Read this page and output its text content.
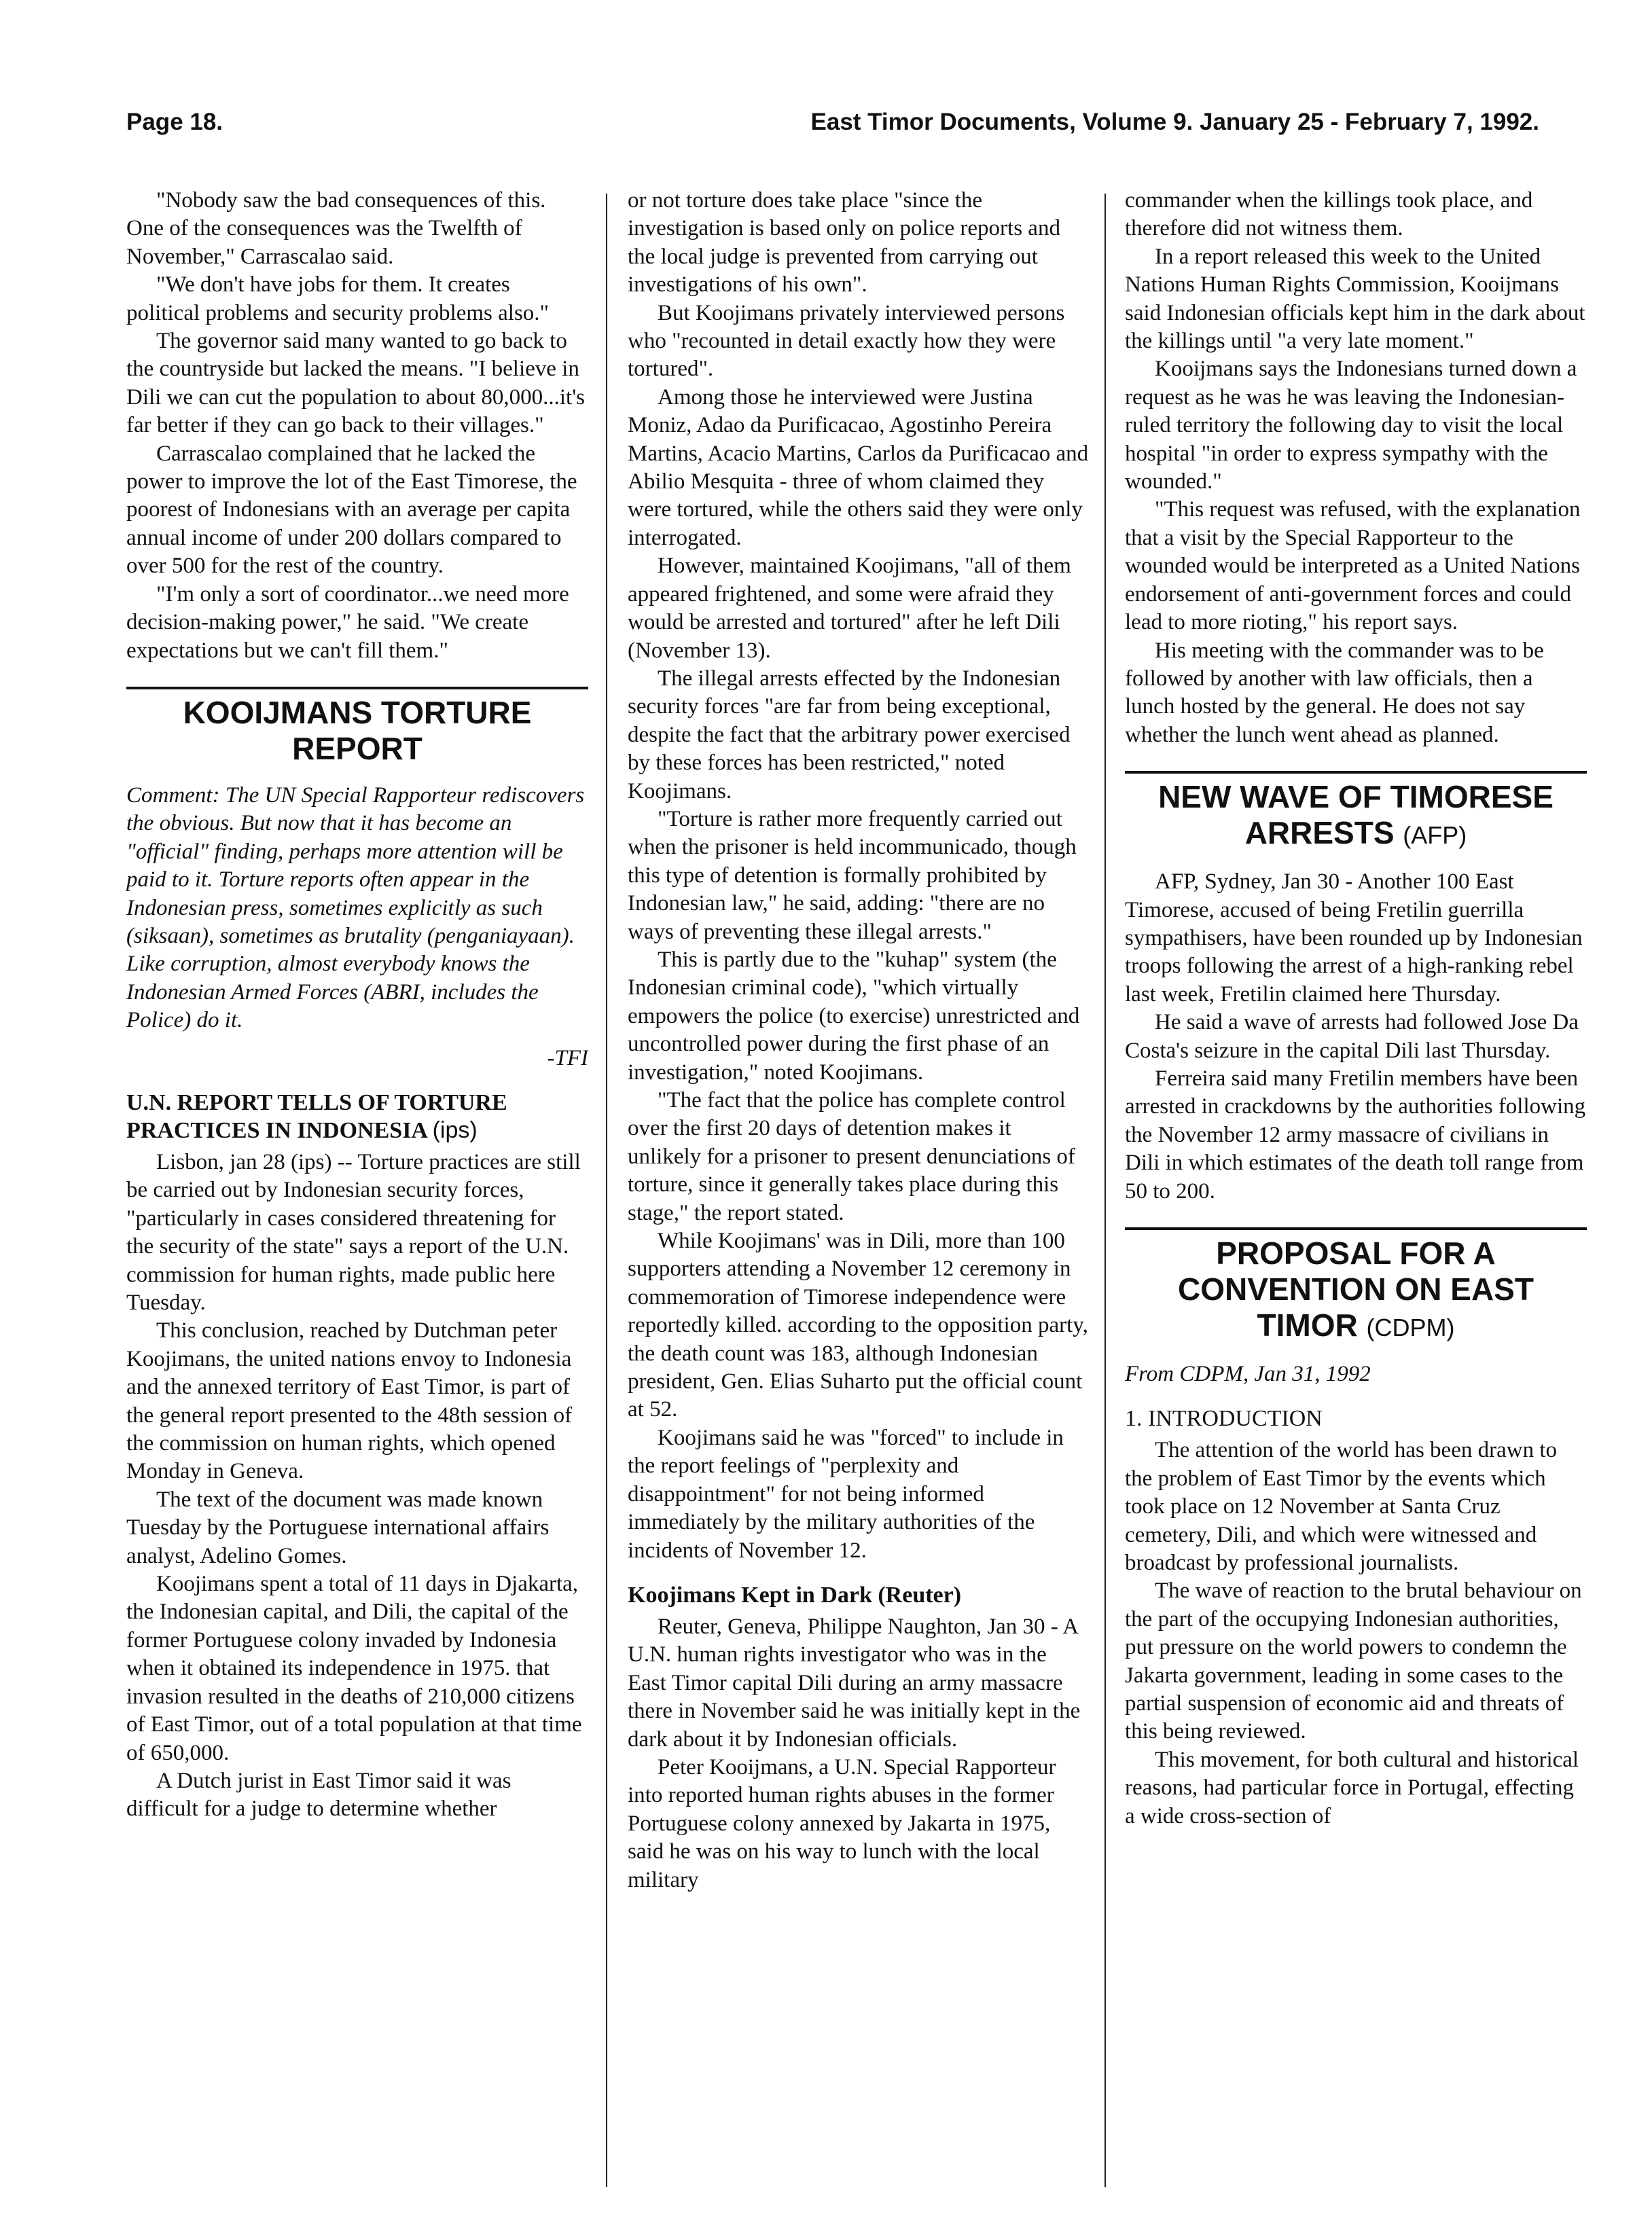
Page 18.	East Timor Documents, Volume 9. January 25 - February 7, 1992.

"Nobody saw the bad consequences of this. One of the consequences was the Twelfth of November," Carrascalao said.

"We don't have jobs for them. It creates political problems and security problems also."

The governor said many wanted to go back to the countryside but lacked the means. "I believe in Dili we can cut the population to about 80,000...it's far better if they can go back to their villages."

Carrascalao complained that he lacked the power to improve the lot of the East Timorese, the poorest of Indonesians with an average per capita annual income of under 200 dollars compared to over 500 for the rest of the country.

"I'm only a sort of coordinator...we need more decision-making power," he said. "We create expectations but we can't fill them."

KOOIJMANS TORTURE REPORT

Comment: The UN Special Rapporteur rediscovers the obvious. But now that it has become an "official" finding, perhaps more attention will be paid to it. Torture reports often appear in the Indonesian press, sometimes explicitly as such (siksaan), sometimes as brutality (penganiayaan). Like corruption, almost everybody knows the Indonesian Armed Forces (ABRI, includes the Police) do it.

-TFI

U.N. REPORT TELLS OF TORTURE PRACTICES IN INDONESIA (ips)

Lisbon, jan 28 (ips) -- Torture practices are still be carried out by Indonesian security forces, "particularly in cases considered threatening for the security of the state" says a report of the U.N. commission for human rights, made public here Tuesday.

This conclusion, reached by Dutchman peter Koojimans, the united nations envoy to Indonesia and the annexed territory of East Timor, is part of the general report presented to the 48th session of the commission on human rights, which opened Monday in Geneva.

The text of the document was made known Tuesday by the Portuguese international affairs analyst, Adelino Gomes.

Koojimans spent a total of 11 days in Djakarta, the Indonesian capital, and Dili, the capital of the former Portuguese colony invaded by Indonesia when it obtained its independence in 1975. that invasion resulted in the deaths of 210,000 citizens of East Timor, out of a total population at that time of 650,000.

A Dutch jurist in East Timor said it was difficult for a judge to determine whether

or not torture does take place "since the investigation is based only on police reports and the local judge is prevented from carrying out investigations of his own".

But Koojimans privately interviewed persons who "recounted in detail exactly how they were tortured".

Among those he interviewed were Justina Moniz, Adao da Purificacao, Agostinho Pereira Martins, Acacio Martins, Carlos da Purificacao and Abilio Mesquita - three of whom claimed they were tortured, while the others said they were only interrogated.

However, maintained Koojimans, "all of them appeared frightened, and some were afraid they would be arrested and tortured" after he left Dili (November 13).

The illegal arrests effected by the Indonesian security forces "are far from being exceptional, despite the fact that the arbitrary power exercised by these forces has been restricted," noted Koojimans.

"Torture is rather more frequently carried out when the prisoner is held incommunicado, though this type of detention is formally prohibited by Indonesian law," he said, adding: "there are no ways of preventing these illegal arrests."

This is partly due to the "kuhap" system (the Indonesian criminal code), "which virtually empowers the police (to exercise) unrestricted and uncontrolled power during the first phase of an investigation," noted Koojimans.

"The fact that the police has complete control over the first 20 days of detention makes it unlikely for a prisoner to present denunciations of torture, since it generally takes place during this stage," the report stated.

While Koojimans' was in Dili, more than 100 supporters attending a November 12 ceremony in commemoration of Timorese independence were reportedly killed. according to the opposition party, the death count was 183, although Indonesian president, Gen. Elias Suharto put the official count at 52.

Koojimans said he was "forced" to include in the report feelings of "perplexity and disappointment" for not being informed immediately by the military authorities of the incidents of November 12.

Koojimans Kept in Dark (Reuter)

Reuter, Geneva, Philippe Naughton, Jan 30 - A U.N. human rights investigator who was in the East Timor capital Dili during an army massacre there in November said he was initially kept in the dark about it by Indonesian officials.

Peter Kooijmans, a U.N. Special Rapporteur into reported human rights abuses in the former Portuguese colony annexed by Jakarta in 1975, said he was on his way to lunch with the local military

commander when the killings took place, and therefore did not witness them.

In a report released this week to the United Nations Human Rights Commission, Kooijmans said Indonesian officials kept him in the dark about the killings until "a very late moment."

Kooijmans says the Indonesians turned down a request as he was he was leaving the Indonesian-ruled territory the following day to visit the local hospital "in order to express sympathy with the wounded."

"This request was refused, with the explanation that a visit by the Special Rapporteur to the wounded would be interpreted as a United Nations endorsement of anti-government forces and could lead to more rioting," his report says.

His meeting with the commander was to be followed by another with law officials, then a lunch hosted by the general. He does not say whether the lunch went ahead as planned.

NEW WAVE OF TIMORESE ARRESTS (AFP)

AFP, Sydney, Jan 30 - Another 100 East Timorese, accused of being Fretilin guerrilla sympathisers, have been rounded up by Indonesian troops following the arrest of a high-ranking rebel last week, Fretilin claimed here Thursday.

He said a wave of arrests had followed Jose Da Costa's seizure in the capital Dili last Thursday.

Ferreira said many Fretilin members have been arrested in crackdowns by the authorities following the November 12 army massacre of civilians in Dili in which estimates of the death toll range from 50 to 200.

PROPOSAL FOR A CONVENTION ON EAST TIMOR (CDPM)

From CDPM, Jan 31, 1992

1. INTRODUCTION

The attention of the world has been drawn to the problem of East Timor by the events which took place on 12 November at Santa Cruz cemetery, Dili, and which were witnessed and broadcast by professional journalists.

The wave of reaction to the brutal behaviour on the part of the occupying Indonesian authorities, put pressure on the world powers to condemn the Jakarta government, leading in some cases to the partial suspension of economic aid and threats of this being reviewed.

This movement, for both cultural and historical reasons, had particular force in Portugal, effecting a wide cross-section of
